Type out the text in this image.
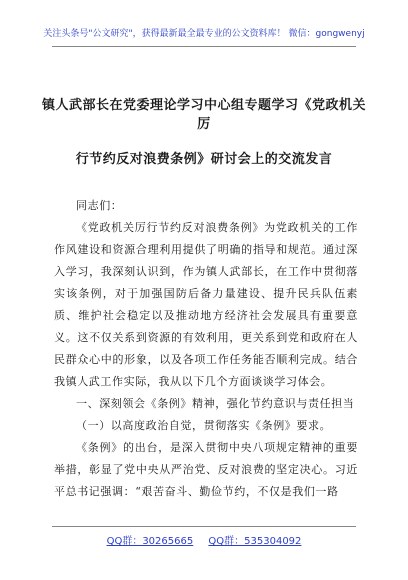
关注头条号"公文研究"，获得最新最全最专业的公文资料库！ 微信：gongwenyj
镇人武部长在党委理论学习中心组专题学习《党政机关厉
行节约反对浪费条例》研讨会上的交流发言

同志们：

《党政机关厉行节约反对浪费条例》为党政机关的工作作风建设和资源合理利用提供了明确的指导和规范。通过深入学习，我深刻认识到，作为镇人武部长，在工作中贯彻落实该条例，对于加强国防后备力量建设、提升民兵队伍素质、维护社会稳定以及推动地方经济社会发展具有重要意义。这不仅关系到资源的有效利用，更关系到党和政府在人民群众心中的形象，以及各项工作任务能否顺利完成。结合我镇人武工作实际，我从以下几个方面谈谈学习体会。

一、深刻领会《条例》精神，强化节约意识与责任担当

（一）以高度政治自觉，贯彻落实《条例》要求。

《条例》的出台，是深入贯彻中央八项规定精神的重要举措，彰显了党中央从严治党、反对浪费的坚定决心。习近平总书记强调：“艰苦奋斗、勤俭节约，不仅是我们一路

QQ群：30265665 QQ群：535304092
